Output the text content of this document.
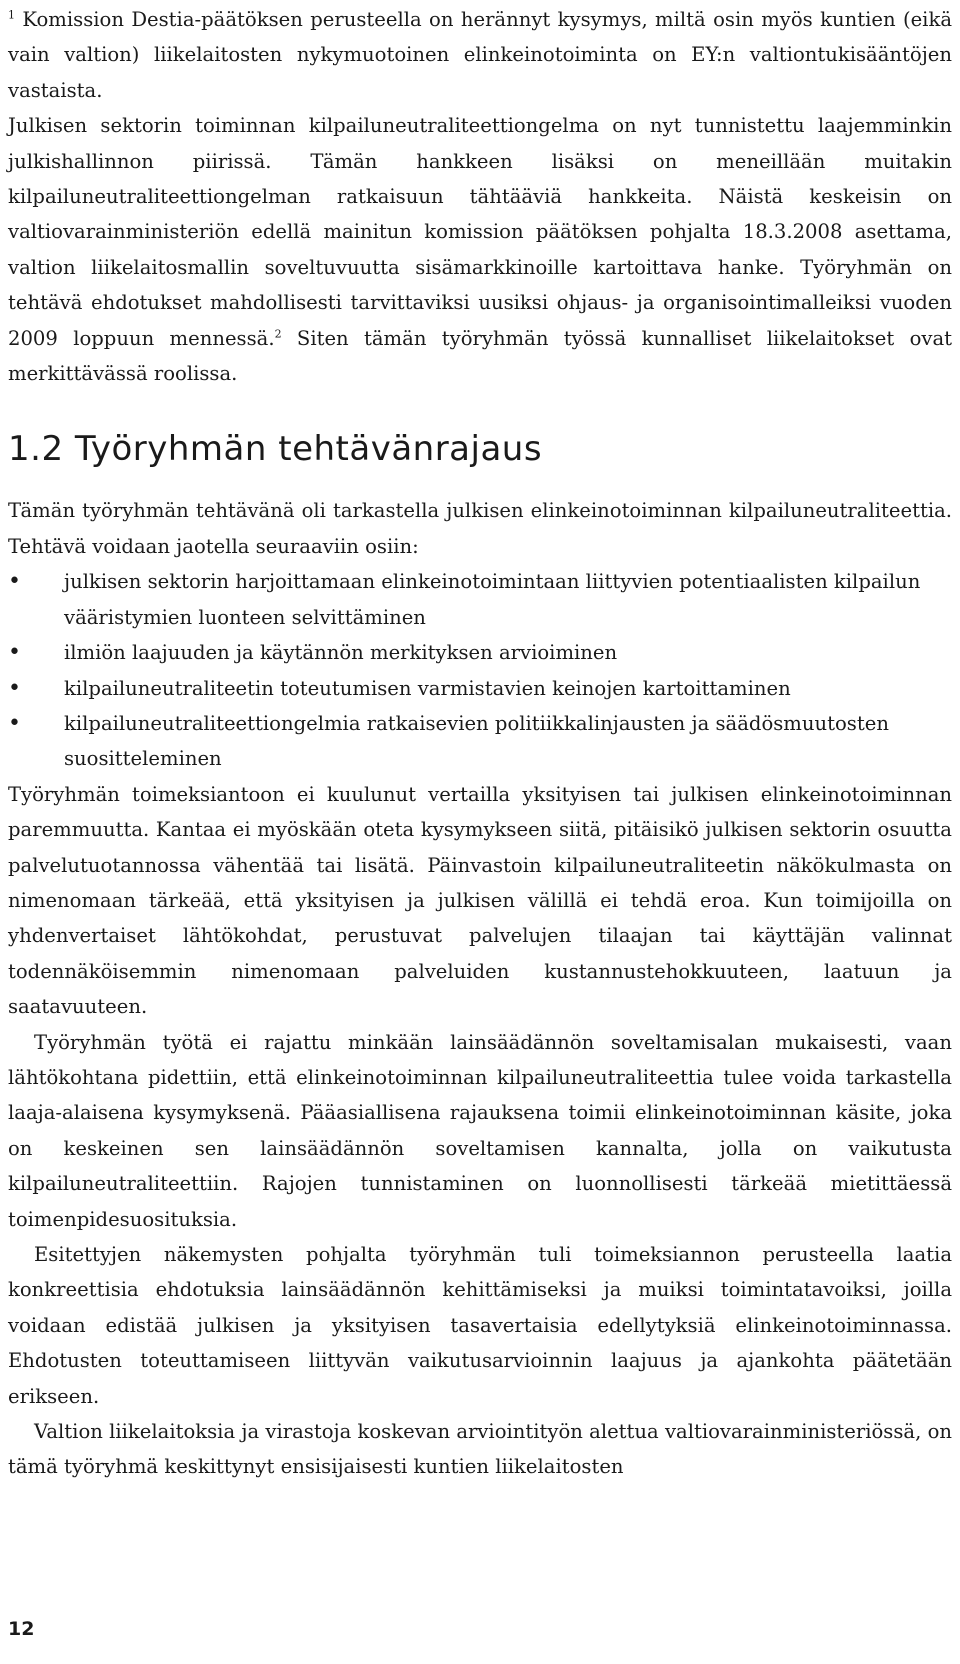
$^1$ Komission Destia-päätöksen perusteella on herännyt kysymys, miltä osin myös kuntien (eikä vain valtion) liikelaitosten nykymuotoinen elinkeinotoiminta on EY:n valtiontukisääntöjen vastaista.

Julkisen sektorin toiminnan kilpailuneutraliteettiongelma on nyt tunnistettu laajemminkin julkishallinnon piirissä. Tämän hankkeen lisäksi on meneillään muitakin kilpailuneutraliteettiongelman ratkaisuun tähtääviä hankkeita. Näistä keskeisin on valtiovarainministeriön edellä mainitun komission päätöksen pohjalta 18.3.2008 asettama, valtion liikelaitosmallin soveltuvuutta sisämarkkinoille kartoittava hanke. Työryhmän on tehtävä ehdotukset mahdollisesti tarvittaviksi uusiksi ohjaus- ja organisointimalleiksi vuoden 2009 loppuun mennessä.$^2$ Siten tämän työryhmän työssä kunnalliset liikelaitokset ovat merkittävässä roolissa.

1.2 Työryhmän tehtävänrajaus

Tämän työryhmän tehtävänä oli tarkastella julkisen elinkeinotoiminnan kilpailuneutraliteettia. Tehtävä voidaan jaotella seuraaviin osiin:

• julkisen sektorin harjoittamaan elinkeinotoimintaan liittyvien potentiaalisten kilpailun vääristymien luonteen selvittäminen
• ilmiön laajuuden ja käytännön merkityksen arvioiminen
• kilpailuneutraliteetin toteutumisen varmistavien keinojen kartoittaminen
• kilpailuneutraliteettiongelmia ratkaisevien politiikkalinjausten ja säädösmuutosten suositteleminen

Työryhmän toimeksiantoon ei kuulunut vertailla yksityisen tai julkisen elinkeinotoiminnan paremmuutta. Kantaa ei myöskään oteta kysymykseen siitä, pitäisikö julkisen sektorin osuutta palvelutuotannossa vähentää tai lisätä. Päinvastoin kilpailuneutraliteetin näkökulmasta on nimenomaan tärkeää, että yksityisen ja julkisen välillä ei tehdä eroa. Kun toimijoilla on yhdenvertaiset lähtökohdat, perustuvat palvelujen tilaajan tai käyttäjän valinnat todennäköisemmin nimenomaan palveluiden kustannustehokkuuteen, laatuun ja saatavuuteen.

Työryhmän työtä ei rajattu minkään lainsäädännön soveltamisalan mukaisesti, vaan lähtökohtana pidettiin, että elinkeinotoiminnan kilpailuneutraliteettia tulee voida tarkastella laaja-alaisena kysymyksenä. Pääasiallisena rajauksena toimii elinkeinotoiminnan käsite, joka on keskeinen sen lainsäädännön soveltamisen kannalta, jolla on vaikutusta kilpailuneutraliteettiin. Rajojen tunnistaminen on luonnollisesti tärkeää mietittäessä toimenpidesuosituksia.

Esitettyjen näkemysten pohjalta työryhmän tuli toimeksiannon perusteella laatia konkreettisia ehdotuksia lainsäädännön kehittämiseksi ja muiksi toimintatavoiksi, joilla voidaan edistää julkisen ja yksityisen tasavertaisia edellytyksiä elinkeinotoiminnassa. Ehdotusten toteuttamiseen liittyvän vaikutusarvioinnin laajuus ja ajankohta päätetään erikseen.

Valtion liikelaitoksia ja virastoja koskevan arviointityön alettua valtiovarainministeriössä, on tämä työryhmä keskittynyt ensisijaisesti kuntien liikelaitosten

12
